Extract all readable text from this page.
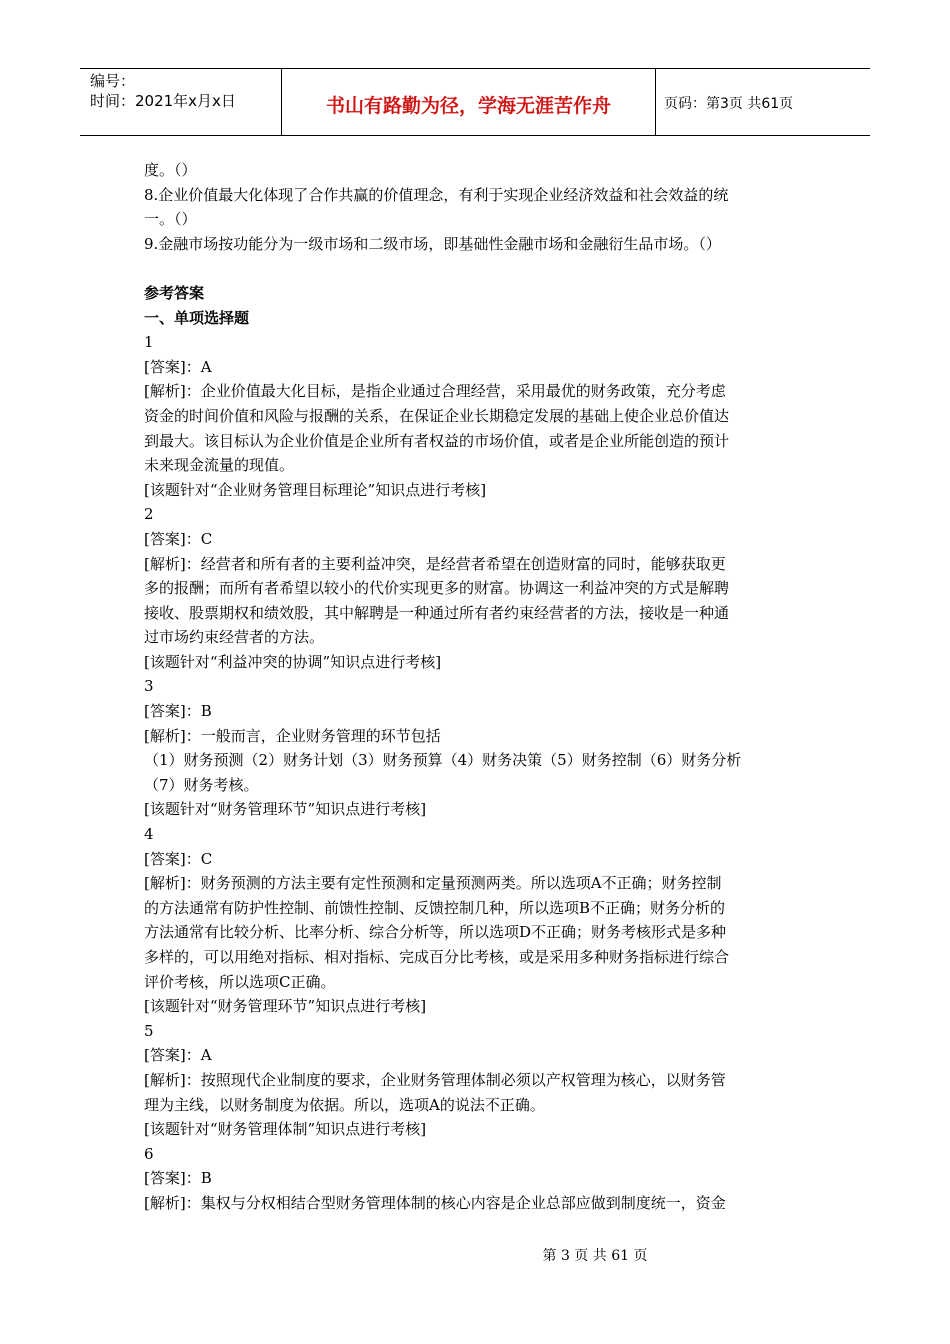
编号：
时间：2021年x月x日	书山有路勤为径，学海无涯苦作舟	页码：第3页 共61页
度。（）
8.企业价值最大化体现了合作共赢的价值理念，有利于实现企业经济效益和社会效益的统
一。（）
9.金融市场按功能分为一级市场和二级市场，即基础性金融市场和金融衍生品市场。（）
参考答案
一、单项选择题
1
[答案]：A
[解析]：企业价值最大化目标，是指企业通过合理经营，采用最优的财务政策，充分考虑
资金的时间价值和风险与报酬的关系，在保证企业长期稳定发展的基础上使企业总价值达
到最大。该目标认为企业价值是企业所有者权益的市场价值，或者是企业所能创造的预计
未来现金流量的现值。
[该题针对“企业财务管理目标理论”知识点进行考核]
2
[答案]：C
[解析]：经营者和所有者的主要利益冲突，是经营者希望在创造财富的同时，能够获取更
多的报酬；而所有者希望以较小的代价实现更多的财富。协调这一利益冲突的方式是解聘
接收、股票期权和绩效股，其中解聘是一种通过所有者约束经营者的方法，接收是一种通
过市场约束经营者的方法。
[该题针对“利益冲突的协调”知识点进行考核]
3
[答案]：B
[解析]：一般而言，企业财务管理的环节包括
（1）财务预测（2）财务计划（3）财务预算（4）财务决策（5）财务控制（6）财务分析
（7）财务考核。
[该题针对“财务管理环节”知识点进行考核]
4
[答案]：C
[解析]：财务预测的方法主要有定性预测和定量预测两类。所以选项A不正确；财务控制
的方法通常有防护性控制、前馈性控制、反馈控制几种，所以选项B不正确；财务分析的
方法通常有比较分析、比率分析、综合分析等，所以选项D不正确；财务考核形式是多种
多样的，可以用绝对指标、相对指标、完成百分比考核，或是采用多种财务指标进行综合
评价考核，所以选项C正确。
[该题针对“财务管理环节”知识点进行考核]
5
[答案]：A
[解析]：按照现代企业制度的要求，企业财务管理体制必须以产权管理为核心，以财务管
理为主线，以财务制度为依据。所以，选项A的说法不正确。
[该题针对“财务管理体制”知识点进行考核]
6
[答案]：B
[解析]：集权与分权相结合型财务管理体制的核心内容是企业总部应做到制度统一，资金
第 3 页 共 61 页
